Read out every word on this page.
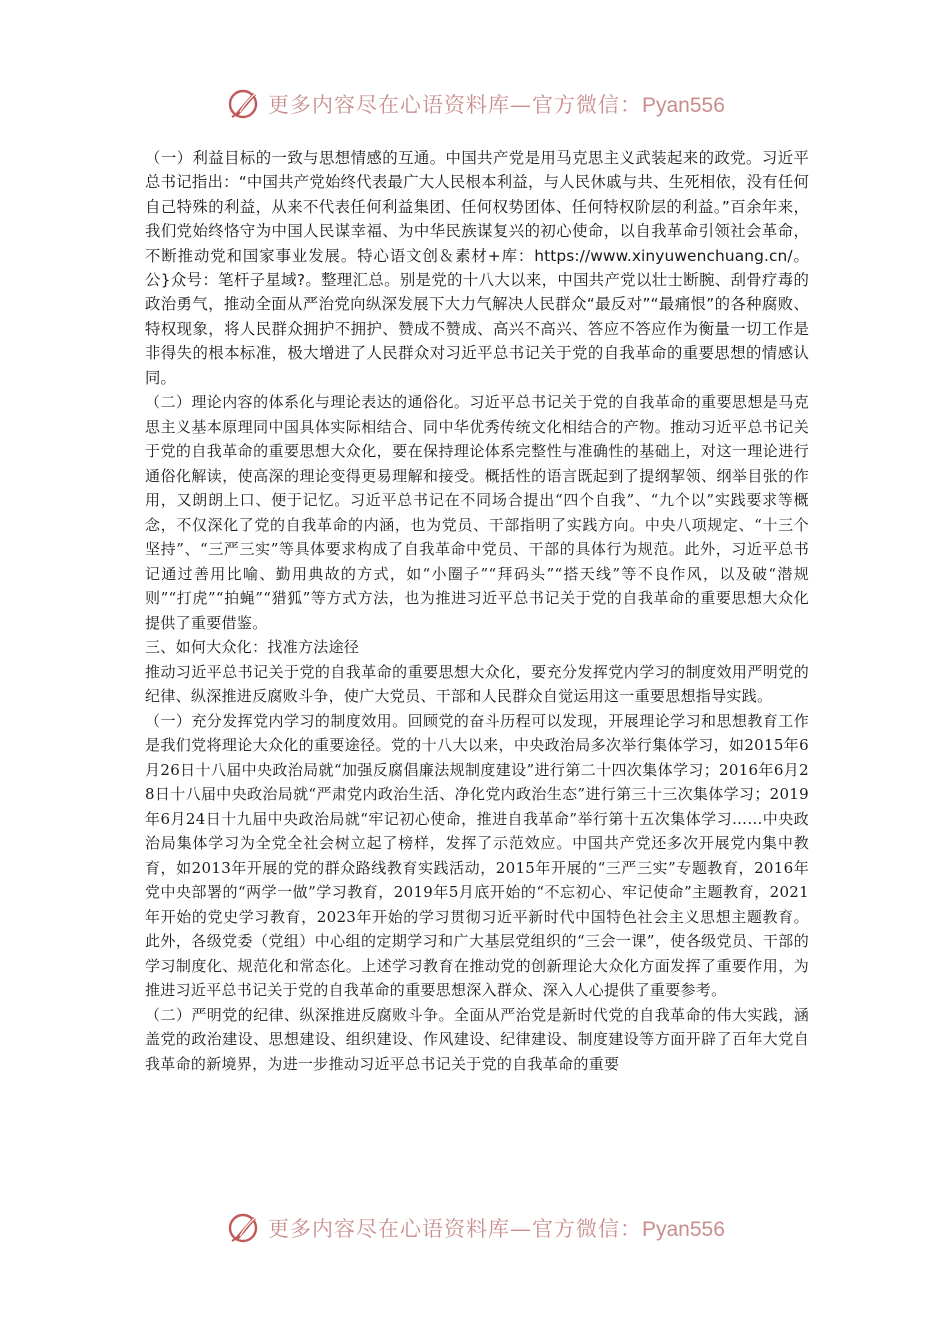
更多内容尽在心语资料库—官方微信：Pyan556

（一）利益目标的一致与思想情感的互通。中国共产党是用马克思主义武装起来的政党。习近平总书记指出：“中国共产党始终代表最广大人民根本利益，与人民休戚与共、生死相依，没有任何自己特殊的利益，从来不代表任何利益集团、任何权势团体、任何特权阶层的利益。”百余年来，我们党始终恪守为中国人民谋幸福、为中华民族谋复兴的初心使命，以自我革命引领社会革命，不断推动党和国家事业发展。特心语文创＆素材+库：https://www.xinyuwenchuang.cn/。公}众号：笔杆子星域?。整理汇总。别是党的十八大以来，中国共产党以壮士断腕、刮骨疗毒的政治勇气，推动全面从严治党向纵深发展下大力气解决人民群众“最反对”“最痛恨”的各种腐败、特权现象，将人民群众拥护不拥护、赞成不赞成、高兴不高兴、答应不答应作为衡量一切工作是非得失的根本标准，极大增进了人民群众对习近平总书记关于党的自我革命的重要思想的情感认同。

（二）理论内容的体系化与理论表达的通俗化。习近平总书记关于党的自我革命的重要思想是马克思主义基本原理同中国具体实际相结合、同中华优秀传统文化相结合的产物。推动习近平总书记关于党的自我革命的重要思想大众化，要在保持理论体系完整性与准确性的基础上，对这一理论进行通俗化解读，使高深的理论变得更易理解和接受。概括性的语言既起到了提纲挈领、纲举目张的作用，又朗朗上口、便于记忆。习近平总书记在不同场合提出“四个自我”、“九个以”实践要求等概念，不仅深化了党的自我革命的内涵，也为党员、干部指明了实践方向。中央八项规定、“十三个坚持”、“三严三实”等具体要求构成了自我革命中党员、干部的具体行为规范。此外，习近平总书记通过善用比喻、勤用典故的方式，如“小圈子”“拜码头”“搭天线”等不良作风，以及破“潜规则”“打虎”“拍蝇”“猎狐”等方式方法，也为推进习近平总书记关于党的自我革命的重要思想大众化提供了重要借鉴。

三、如何大众化：找准方法途径

推动习近平总书记关于党的自我革命的重要思想大众化，要充分发挥党内学习的制度效用严明党的纪律、纵深推进反腐败斗争，使广大党员、干部和人民群众自觉运用这一重要思想指导实践。

（一）充分发挥党内学习的制度效用。回顾党的奋斗历程可以发现，开展理论学习和思想教育工作是我们党将理论大众化的重要途径。党的十八大以来，中央政治局多次举行集体学习，如2015年6月26日十八届中央政治局就“加强反腐倡廉法规制度建设”进行第二十四次集体学习；2016年6月28日十八届中央政治局就“严肃党内政治生活、净化党内政治生态”进行第三十三次集体学习；2019年6月24日十九届中央政治局就“牢记初心使命，推进自我革命”举行第十五次集体学习……中央政治局集体学习为全党全社会树立起了榜样，发挥了示范效应。中国共产党还多次开展党内集中教育，如2013年开展的党的群众路线教育实践活动，2015年开展的“三严三实”专题教育，2016年党中央部署的“两学一做”学习教育，2019年5月底开始的“不忘初心、牢记使命”主题教育，2021年开始的党史学习教育，2023年开始的学习贯彻习近平新时代中国特色社会主义思想主题教育。此外，各级党委（党组）中心组的定期学习和广大基层党组织的“三会一课”，使各级党员、干部的学习制度化、规范化和常态化。上述学习教育在推动党的创新理论大众化方面发挥了重要作用，为推进习近平总书记关于党的自我革命的重要思想深入群众、深入人心提供了重要参考。

（二）严明党的纪律、纵深推进反腐败斗争。全面从严治党是新时代党的自我革命的伟大实践，涵盖党的政治建设、思想建设、组织建设、作风建设、纪律建设、制度建设等方面开辟了百年大党自我革命的新境界，为进一步推动习近平总书记关于党的自我革命的重要

更多内容尽在心语资料库—官方微信：Pyan556
